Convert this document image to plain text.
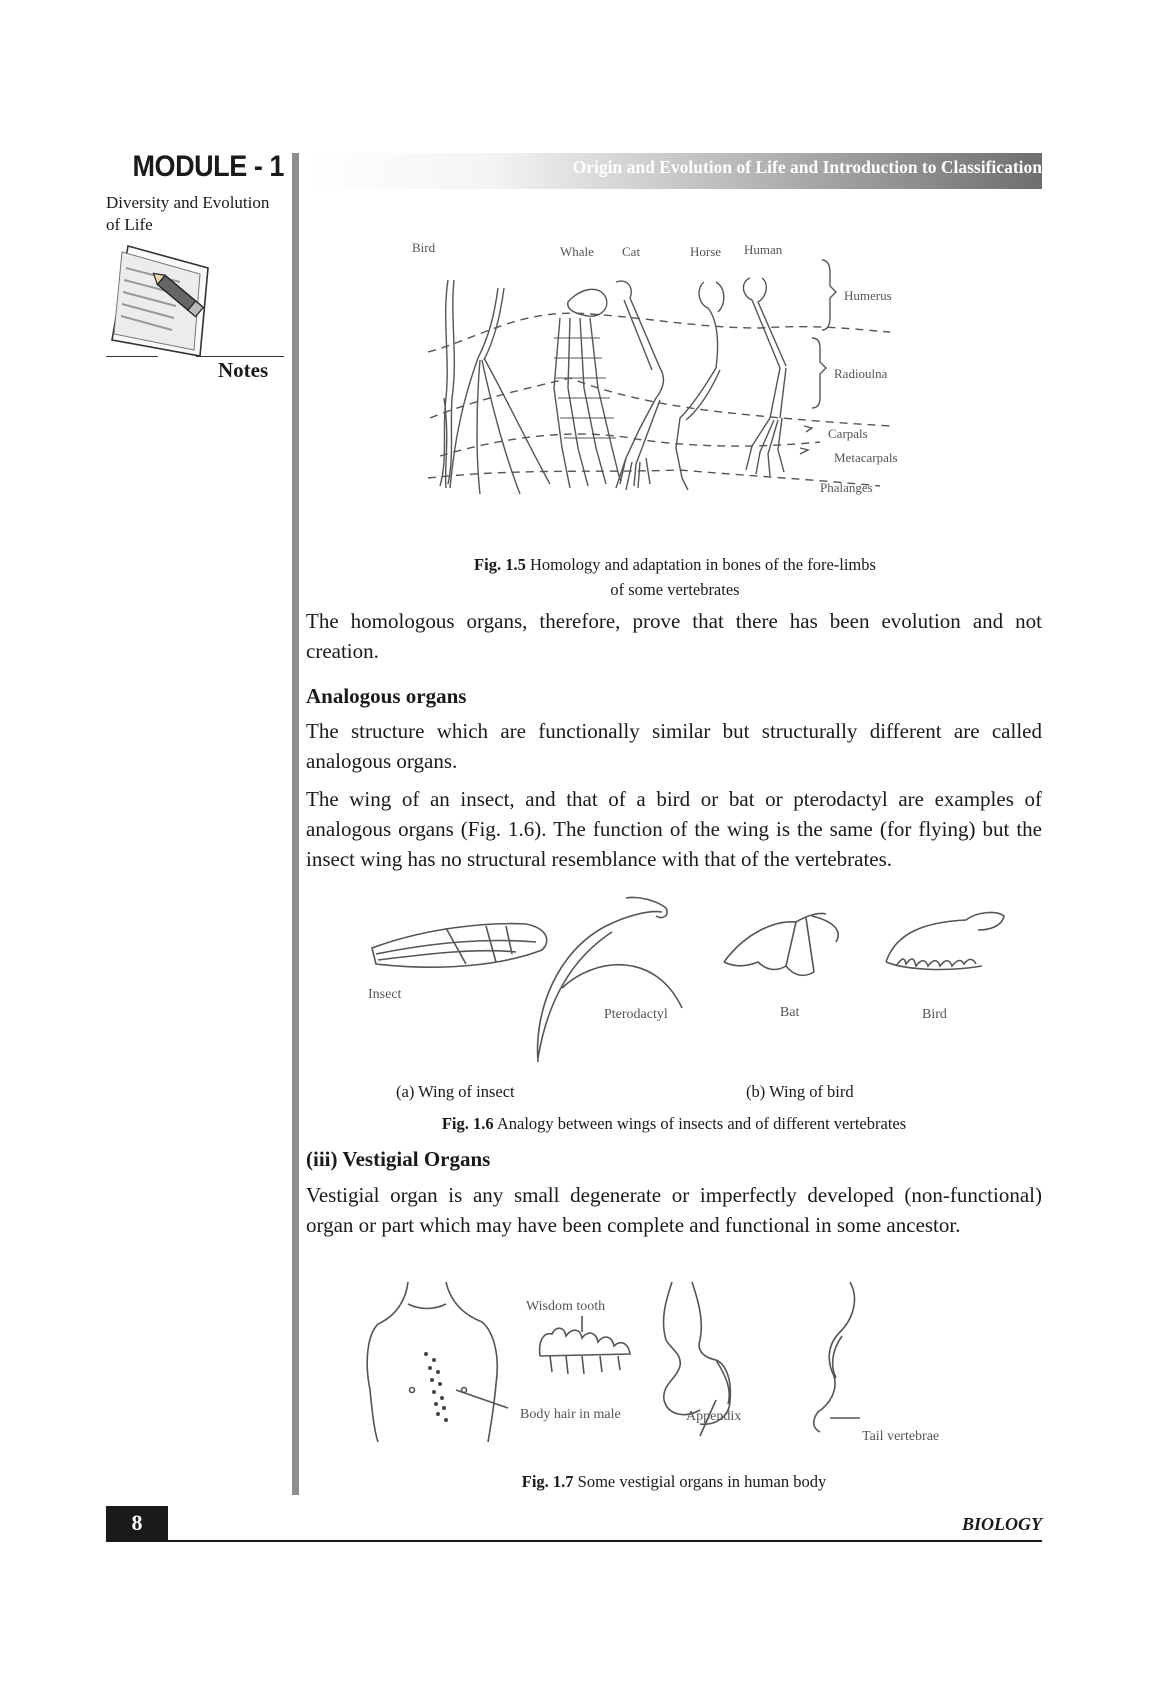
MODULE - 1
Diversity and Evolution
of Life
Notes
Origin and Evolution of Life and Introduction to Classification
Bird	Whale Cat	Horse Human
Humerus
Radioulna
Carpals
Metacarpals
Phalanges
Fig. 1.5 Homology and adaptation in bones of the fore-limbs
of some vertebrates
The homologous organs, therefore, prove that there has been evolution and not creation.
Analogous organs
The structure which are functionally similar but structurally different are called analogous organs.
The wing of an insect, and that of a bird or bat or pterodactyl are examples of analogous organs (Fig. 1.6). The function of the wing is the same (for flying) but the insect wing has no structural resemblance with that of the vertebrates.
Insect
Pterodactyl	Bat	Bird
(a) Wing of insect	(b) Wing of bird
Fig. 1.6 Analogy between wings of insects and of different vertebrates
(iii) Vestigial Organs
Vestigial organ is any small degenerate or imperfectly developed (non-functional) organ or part which may have been complete and functional in some ancestor.
Wisdom tooth
Body hair in male	Appendix
Tail vertebrae
Fig. 1.7 Some vestigial organs in human body
8	BIOLOGY
